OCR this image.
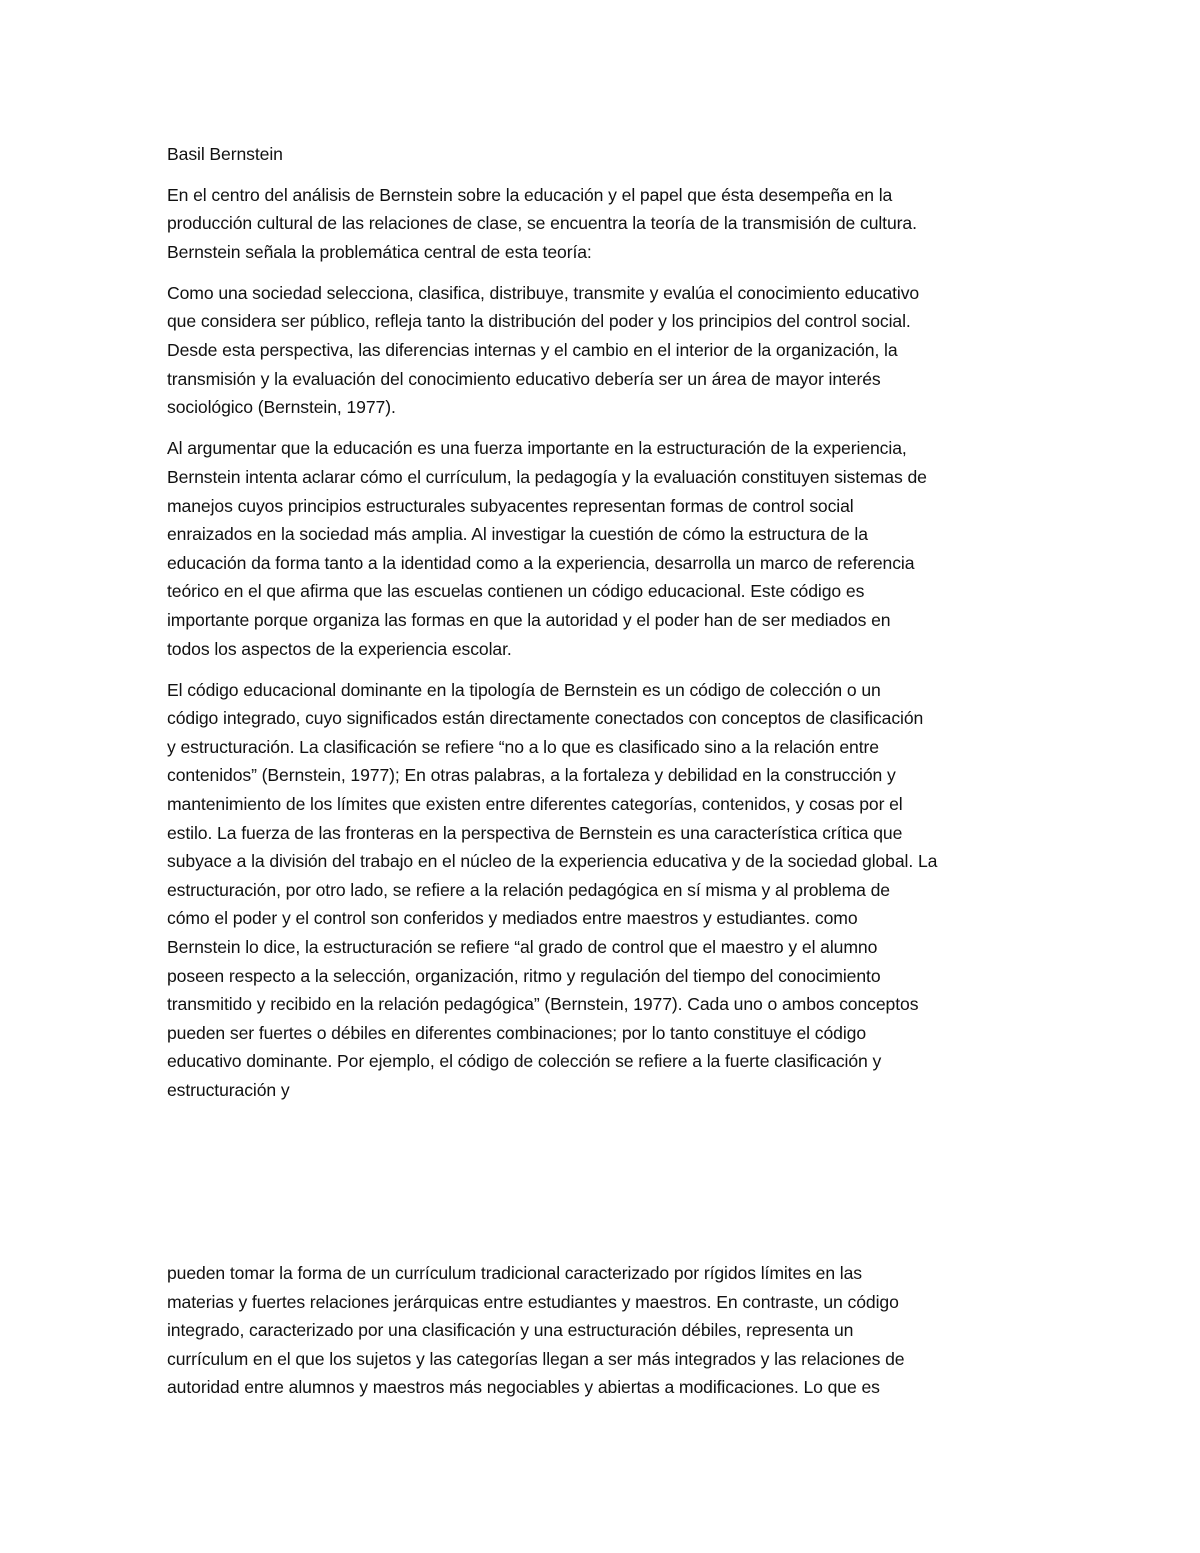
Basil Bernstein

En el centro del análisis de Bernstein sobre la educación y el papel que ésta desempeña en la
producción cultural de las relaciones de clase, se encuentra la teoría de la transmisión de cultura.
Bernstein señala la problemática central de esta teoría:

Como una sociedad selecciona, clasifica, distribuye, transmite y evalúa el conocimiento educativo
que considera ser público, refleja tanto la distribución del poder y los principios del control social.
Desde esta perspectiva, las diferencias internas y el cambio en el interior de la organización, la
transmisión y la evaluación del conocimiento educativo debería ser un área de mayor interés
sociológico (Bernstein, 1977).

Al argumentar que la educación es una fuerza importante en la estructuración de la experiencia,
Bernstein intenta aclarar cómo el currículum, la pedagogía y la evaluación constituyen sistemas de
manejos cuyos principios estructurales subyacentes representan formas de control social
enraizados en la sociedad más amplia. Al investigar la cuestión de cómo la estructura de la
educación da forma tanto a la identidad como a la experiencia, desarrolla un marco de referencia
teórico en el que afirma que las escuelas contienen un código educacional. Este código es
importante porque organiza las formas en que la autoridad y el poder han de ser mediados en
todos los aspectos de la experiencia escolar.

El código educacional dominante en la tipología de Bernstein es un código de colección o un
código integrado, cuyo significados están directamente conectados con conceptos de clasificación
y estructuración. La clasificación se refiere “no a lo que es clasificado sino a la relación entre
contenidos” (Bernstein, 1977); En otras palabras, a la fortaleza y debilidad en la construcción y
mantenimiento de los límites que existen entre diferentes categorías, contenidos, y cosas por el
estilo. La fuerza de las fronteras en la perspectiva de Bernstein es una característica crítica que
subyace a la división del trabajo en el núcleo de la experiencia educativa y de la sociedad global. La
estructuración, por otro lado, se refiere a la relación pedagógica en sí misma y al problema de
cómo el poder y el control son conferidos y mediados entre maestros y estudiantes. como
Bernstein lo dice, la estructuración se refiere “al grado de control que el maestro y el alumno
poseen respecto a la selección, organización, ritmo y regulación del tiempo del conocimiento
transmitido y recibido en la relación pedagógica” (Bernstein, 1977). Cada uno o ambos conceptos
pueden ser fuertes o débiles en diferentes combinaciones; por lo tanto constituye el código
educativo dominante. Por ejemplo, el código de colección se refiere a la fuerte clasificación y
estructuración y

pueden tomar la forma de un currículum tradicional caracterizado por rígidos límites en las
materias y fuertes relaciones jerárquicas entre estudiantes y maestros. En contraste, un código
integrado, caracterizado por una clasificación y una estructuración débiles, representa un
currículum en el que los sujetos y las categorías llegan a ser más integrados y las relaciones de
autoridad entre alumnos y maestros más negociables y abiertas a modificaciones. Lo que es
